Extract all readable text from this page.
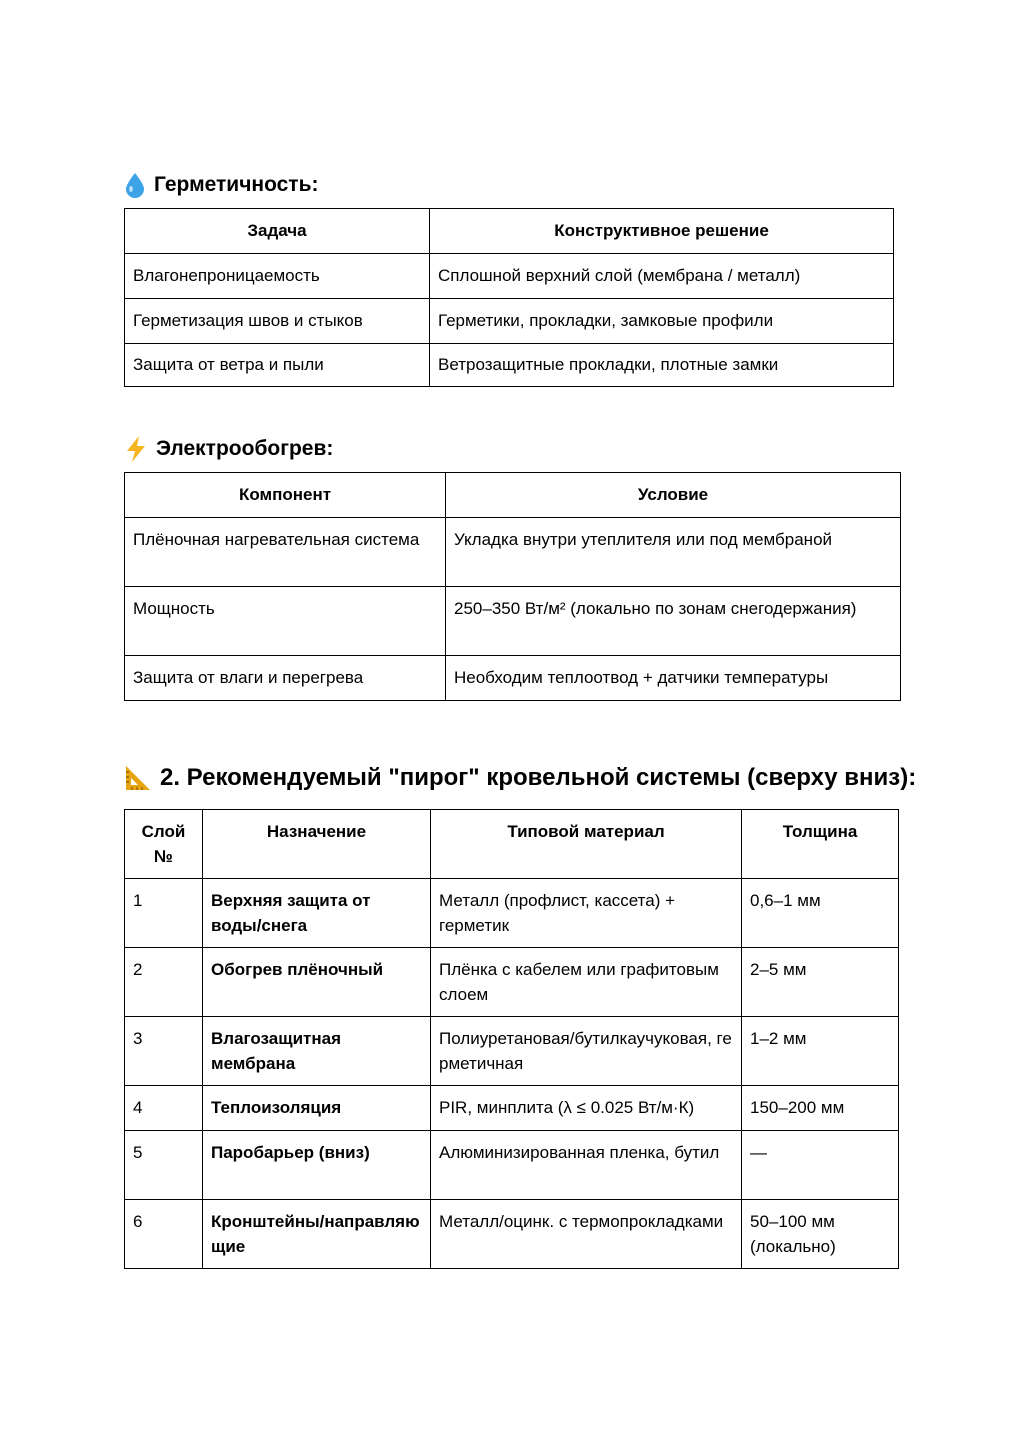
Герметичность:
Задача	Конструктивное решение
Влагонепроницаемость	Сплошной верхний слой (мембрана / металл)
Герметизация швов и стыков	Герметики, прокладки, замковые профили
Защита от ветра и пыли	Ветрозащитные прокладки, плотные замки
Электрообогрев:
Компонент	Условие
Плёночная нагревательная система	Укладка внутри утеплителя или под мембраной
Мощность	250–350 Вт/м² (локально по зонам снегодержания)
Защита от влаги и перегрева	Необходим теплоотвод + датчики температуры
2. Рекомендуемый "пирог" кровельной системы (сверху вниз):
Слой №	Назначение	Типовой материал	Толщина
1	Верхняя защита от воды/снега	Металл (профлист, кассета) + герметик	0,6–1 мм
2	Обогрев плёночный	Плёнка с кабелем или графитовым слоем	2–5 мм
3	Влагозащитная мембрана	Полиуретановая/бутилкаучуковая, герметичная	1–2 мм
4	Теплоизоляция	PIR, минплита (λ ≤ 0.025 Вт/м·К)	150–200 мм
5	Паробарьер (вниз)	Алюминизированная пленка, бутил	—
6	Кронштейны/направляющие	Металл/оцинк. с термопрокладками	50–100 мм (локально)
